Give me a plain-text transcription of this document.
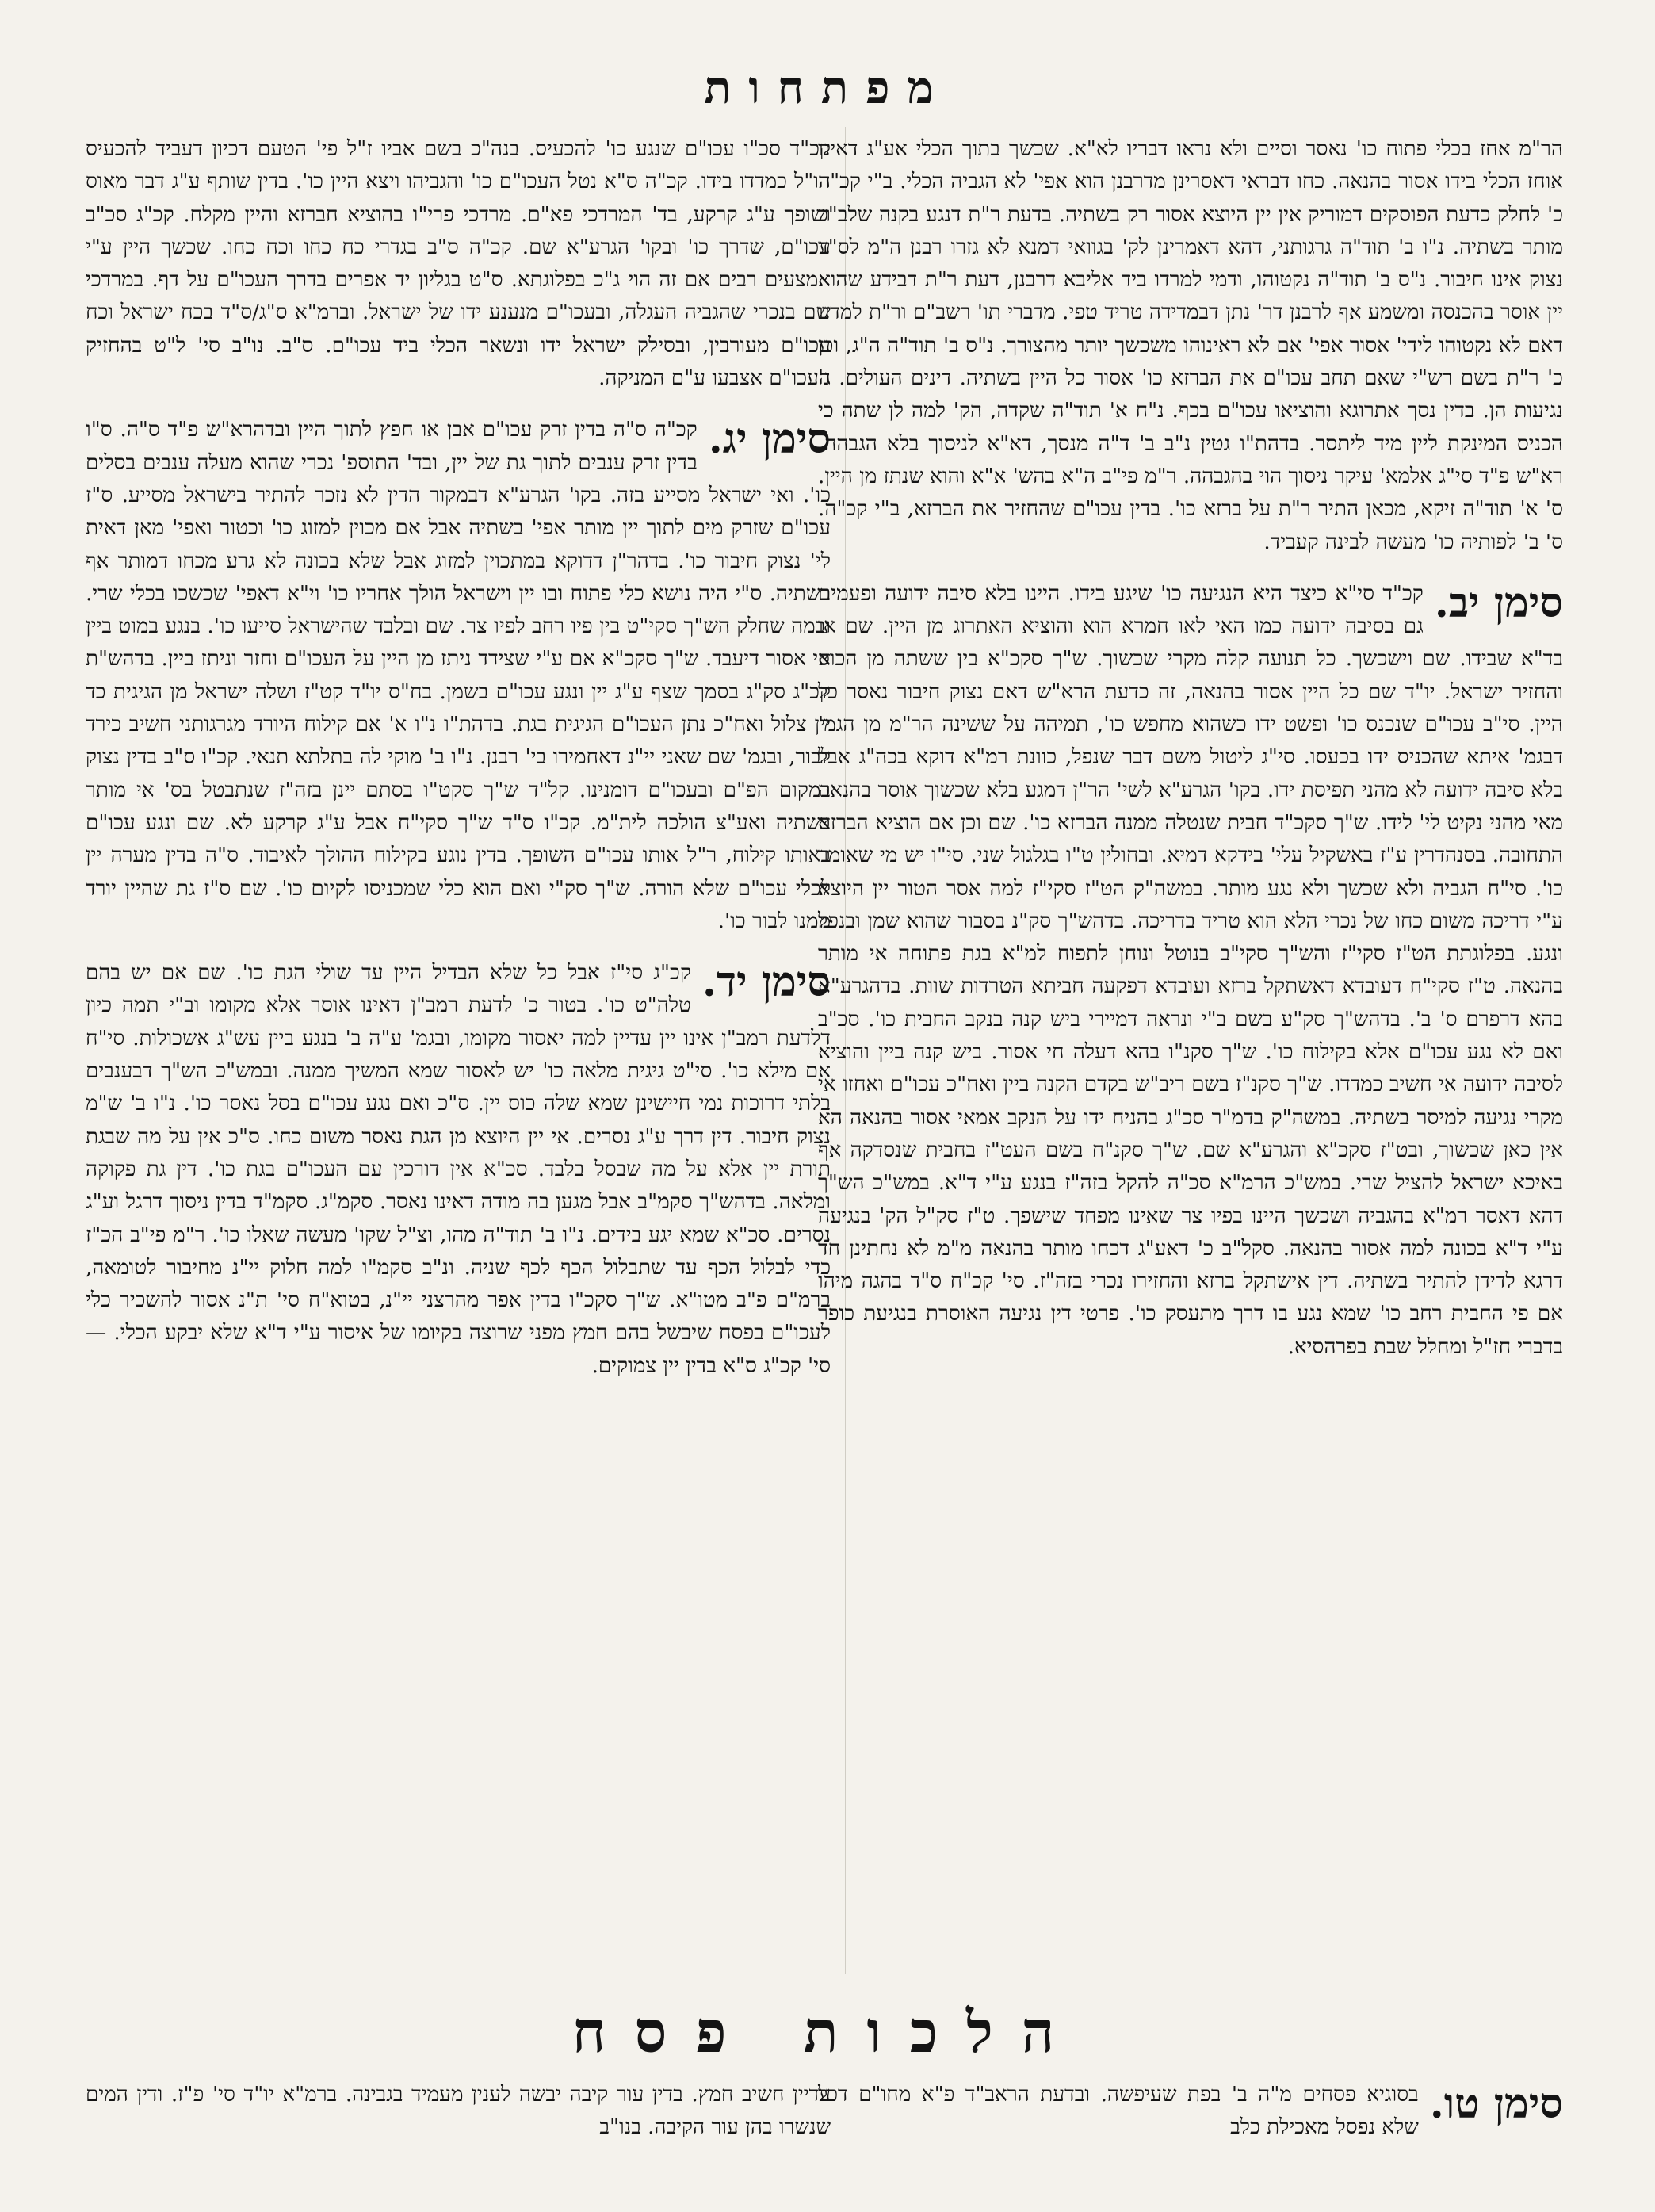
מפתחות

הר"מ אחז בכלי פתוח כו' נאסר וסיים ולא נראו דבריו לא"א. שכשך בתוך הכלי אע"ג דאינו אוחז הכלי בידו אסור בהנאה. כחו דבראי דאסרינן מדרבנן הוא אפי' לא הגביה הכלי. ב"י קכ"ה כ' לחלק כדעת הפוסקים דמוריק אין יין היוצא אסור רק בשתיה. בדעת ר"ת דנגע בקנה שלב"כ מותר בשתיה. נ"ו ב' תוד"ה גרגותני, דהא דאמרינן לק' בגוואי דמנא לא גזרו רבנן ה"מ לס"ד נצוק אינו חיבור. נ"ס ב' תוד"ה נקטוהו, ודמי למרדו ביד אליבא דרבנן, דעת ר"ת דבידע שהוא יין אוסר בהכנסה ומשמע אף לרבנן דר' נתן דבמדידה טריד טפי. מדברי תו' רשב"ם ור"ת למדנו דאם לא נקטוהו לידי' אסור אפי' אם לא ראינוהו משכשך יותר מהצורך. נ"ס ב' תוד"ה ה"ג, וכן כ' ר"ת בשם רש"י שאם תחב עכו"ם את הברזא כו' אסור כל היין בשתיה. דינים העולים. ג' נגיעות הן. בדין נסך אתרוגא והוציאו עכו"ם בכף. נ"ח א' תוד"ה שקדה, הק' למה לן שתה כי הכניס המינקת ליין מיד ליתסר. בדהת"ו גטין נ"ב ב' ד"ה מנסך, דא"א לניסוך בלא הגבהה. רא"ש פ"ד סי"ג אלמא' עיקר ניסוך הוי בהגבהה. ר"מ פי"ב ה"א בהש' א"א והוא שנתז מן היין. ס' א' תוד"ה זיקא, מכאן התיר ר"ת על ברזא כו'. בדין עכו"ם שהחזיר את הברזא, ב"י קכ"ה. ס' ב' לפותיה כו' מעשה לבינה קעביד.

סימן יב.

קכ"ד סי"א כיצד היא הנגיעה כו' שיגע בידו. היינו בלא סיבה ידועה ופעמים גם בסיבה ידועה כמו האי לאו חמרא הוא והוציא האתרוג מן היין. שם או בד"א שבידו. שם וישכשך. כל תנועה קלה מקרי שכשוך. ש"ך סקכ"א בין ששתה מן הכוס והחזיר ישראל. יו"ד שם כל היין אסור בהנאה, זה כדעת הרא"ש דאם נצוק חיבור נאסר כל היין. סי"ב עכו"ם שנכנס כו' ופשט ידו כשהוא מחפש כו', תמיהה על ששינה הר"מ מן הגמ' דבגמ' איתא שהכניס ידו בכעסו. סי"ג ליטול משם דבר שנפל, כוונת רמ"א דוקא בכה"ג אבל בלא סיבה ידועה לא מהני תפיסת ידו. בקו' הגרע"א לשי' הר"ן דמגע בלא שכשוך אוסר בהנאה מאי מהני נקיט לי' לידו. ש"ך סקכ"ד חבית שנטלה ממנה הברזא כו'. שם וכן אם הוציא הברזא התחובה. בסנהדרין ע"ז באשקיל עלי' בידקא דמיא. ובחולין ט"ו בגלגול שני. סי"ו יש מי שאומר כו'. סי"ח הגביה ולא שכשך ולא נגע מותר. במשה"ק הט"ז סקי"ז למה אסר הטור יין היוצא ע"י דריכה משום כחו של נכרי הלא הוא טריד בדריכה. בדהש"ך סק"נ בסבור שהוא שמן ובנפל ונגע. בפלוגתת הט"ז סקי"ז והש"ך סקי"ב בנוטל ונוחן לתפוח למ"א בגת פתוחה אי מותר בהנאה. ט"ז סקי"ח דעובדא דאשתקל ברזא ועובדא דפקעה חביתא הטרדות שוות. בדהגרע"א בהא דרפרם ס' ב'. בדהש"ך סק"ע בשם ב"י ונראה דמיירי ביש קנה בנקב החבית כו'. סכ"ב ואם לא נגע עכו"ם אלא בקילוח כו'. ש"ך סקנ"ו בהא דעלה חי אסור. ביש קנה ביין והוציא לסיבה ידועה אי חשיב כמדדו. ש"ך סקנ"ז בשם ריב"ש בקדם הקנה ביין ואח"כ עכו"ם ואחזו אי מקרי נגיעה למיסר בשתיה. במשה"ק בדמ"ר סכ"ג בהניח ידו על הנקב אמאי אסור בהנאה הא אין כאן שכשוך, ובט"ז סקכ"א והגרע"א שם. ש"ך סקנ"ח בשם העט"ז בחבית שנסדקה אף באיכא ישראל להציל שרי. במש"כ הרמ"א סכ"ה להקל בזה"ז בנגע ע"י ד"א. במש"כ הש"ך דהא דאסר רמ"א בהגביה ושכשך היינו בפיו צר שאינו מפחד שישפך. ט"ז סק"ל הק' בנגיעה ע"י ד"א בכונה למה אסור בהנאה. סקל"ב כ' דאע"ג דכחו מותר בהנאה מ"מ לא נחתינן חד דרגא לדידן להתיר בשתיה. דין אישתקל ברזא והחזירו נכרי בזה"ז. סי' קכ"ח ס"ד בהגה מיהו אם פי החבית רחב כו' שמא נגע בו דרך מתעסק כו'. פרטי דין נגיעה האוסרת בנגיעת כופר בדברי חז"ל ומחלל שבת בפרהסיא.

קכ"ד סכ"ו עכו"ם שנגע כו' להכעיס. בנה"כ בשם אביו ז"ל פי' הטעם דכיון דעביד להכעיס הו"ל כמדדו בידו. קכ"ה ס"א נטל העכו"ם כו' והגביהו ויצא היין כו'. בדין שותף ע"ג דבר מאוס ושופך ע"ג קרקע, בד' המרדכי פא"ם. מרדכי פרי"ו בהוציא חברזא והיין מקלח. קכ"ג סכ"ב עכו"ם, שדרך כו' ובקו' הגרע"א שם. קכ"ה ס"ב בגדרי כח כחו וכח כחו. שכשך היין ע"י אמצעים רבים אם זה הוי ג"כ בפלוגתא. ס"ט בגליון יד אפרים בדרך העכו"ם על דף. במרדכי שם בנכרי שהגביה העגלה, ובעכו"ם מנענע ידו של ישראל. וברמ"א ס"ג/ס"ד בכח ישראל וכח עכו"ם מעורבין, ובסילק ישראל ידו ונשאר הכלי ביד עכו"ם. ס"ב. נו"ב סי' ל"ט בהחזיק העכו"ם אצבעו ע"ם המניקה.

סימן יג.

קכ"ה ס"ה בדין זרק עכו"ם אבן או חפץ לתוך היין ובדהרא"ש פ"ד ס"ה. ס"ו בדין זרק ענבים לתוך גת של יין, ובד' התוספ' נכרי שהוא מעלה ענבים בסלים כו'. ואי ישראל מסייע בזה. בקו' הגרע"א דבמקור הדין לא נזכר להתיר בישראל מסייע. ס"ז עכו"ם שזרק מים לתוך יין מותר אפי' בשתיה אבל אם מכוין למזוג כו' וכטור ואפי' מאן דאית לי' נצוק חיבור כו'. בדהר"ן דדוקא במתכוין למזוג אבל שלא בכונה לא גרע מכחו דמותר אף בשתיה. ס"י היה נושא כלי פתוח ובו יין וישראל הולך אחריו כו' וי"א דאפי' שכשכו בכלי שרי. ובמה שחלק הש"ך סקי"ט בין פיו רחב לפיו צר. שם ובלבד שהישראל סייעו כו'. בנגע במוט ביין אי אסור דיעבד. ש"ך סקכ"א אם ע"י שצידד ניתז מן היין על העכו"ם וחזר וניתז ביין. בדהש"ת קכ"ג סק"ג בסמך שצף ע"ג יין ונגע עכו"ם בשמן. בח"ס יו"ד קט"ז ושלה ישראל מן הגיגית כד יין צלול ואח"כ נתן העכו"ם הגיגית בגת. בדהת"ו נ"ו א' אם קילוח היורד מגרגותני חשיב כירד לבור, ובגמ' שם שאני יי"נ דאחמירו בי' רבנן. נ"ו ב' מוקי לה בתלתא תנאי. קכ"ו ס"ב בדין נצוק במקום הפ"ם ובעכו"ם דומנינו. קל"ד ש"ך סקט"ו בסתם יינן בזה"ז שנתבטל בס' אי מותר בשתיה ואע"צ הולכה לית"מ. קכ"ו ס"ד ש"ך סקי"ח אבל ע"ג קרקע לא. שם ונגע עכו"ם באותו קילוח, ר"ל אותו עכו"ם השופך. בדין נוגע בקילוח ההולך לאיבוד. ס"ה בדין מערה יין לכלי עכו"ם שלא הורה. ש"ך סק"י ואם הוא כלי שמכניסו לקיום כו'. שם ס"ז גת שהיין יורד ממנו לבור כו'.

סימן יד.

קכ"ג סי"ז אבל כל שלא הבדיל היין עד שולי הגת כו'. שם אם יש בהם טלה"ט כו'. בטור כ' לדעת רמב"ן דאינו אוסר אלא מקומו וב"י תמה כיון דלדעת רמב"ן אינו יין עדיין למה יאסור מקומו, ובגמ' ע"ה ב' בנגע ביין עש"ג אשכולות. סי"ח אם מילא כו'. סי"ט גיגית מלאה כו' יש לאסור שמא המשיך ממנה. ובמש"כ הש"ך דבענבים בלתי דרוכות נמי חיישינן שמא שלה כוס יין. ס"כ ואם נגע עכו"ם בסל נאסר כו'. נ"ו ב' ש"מ נצוק חיבור. דין דרך ע"ג נסרים. אי יין היוצא מן הגת נאסר משום כחו. ס"כ אין על מה שבגת תורת יין אלא על מה שבסל בלבד. סכ"א אין דורכין עם העכו"ם בגת כו'. דין גת פקוקה ומלאה. בדהש"ך סקמ"ב אבל מגען בה מודה דאינו נאסר. סקמ"ג. סקמ"ד בדין ניסוך דרגל וע"ג נסרים. סכ"א שמא יגע בידים. נ"ו ב' תוד"ה מהו, וצ"ל שקו' מעשה שאלו כו'. ר"מ פי"ב הכ"ז כדי לבלול הכף עד שתבלול הכף לכף שניה. ונ"ב סקמ"ו למה חלוק יי"נ מחיבור לטומאה, ברמ"ם פ"ב מטו"א. ש"ך סקכ"ו בדין אפר מהרצני יי"נ, בטוא"ח סי' ת"נ אסור להשכיר כלי לעכו"ם בפסח שיבשל בהם חמץ מפני שרוצה בקיומו של איסור ע"י ד"א שלא יבקע הכלי. — סי' קכ"ג ס"א בדין יין צמוקים.

הלכות פסח
סימן טו.

בסוגיא פסחים מ"ה ב' בפת שעיפשה. ובדעת הראב"ד פ"א מחו"ם דכל שלא נפסל מאכילת כלב

עדיין חשיב חמץ. בדין עור קיבה יבשה לענין מעמיד בגבינה. ברמ"א יו"ד סי' פ"ז. ודין המים שנשרו בהן עור הקיבה. בנו"ב
